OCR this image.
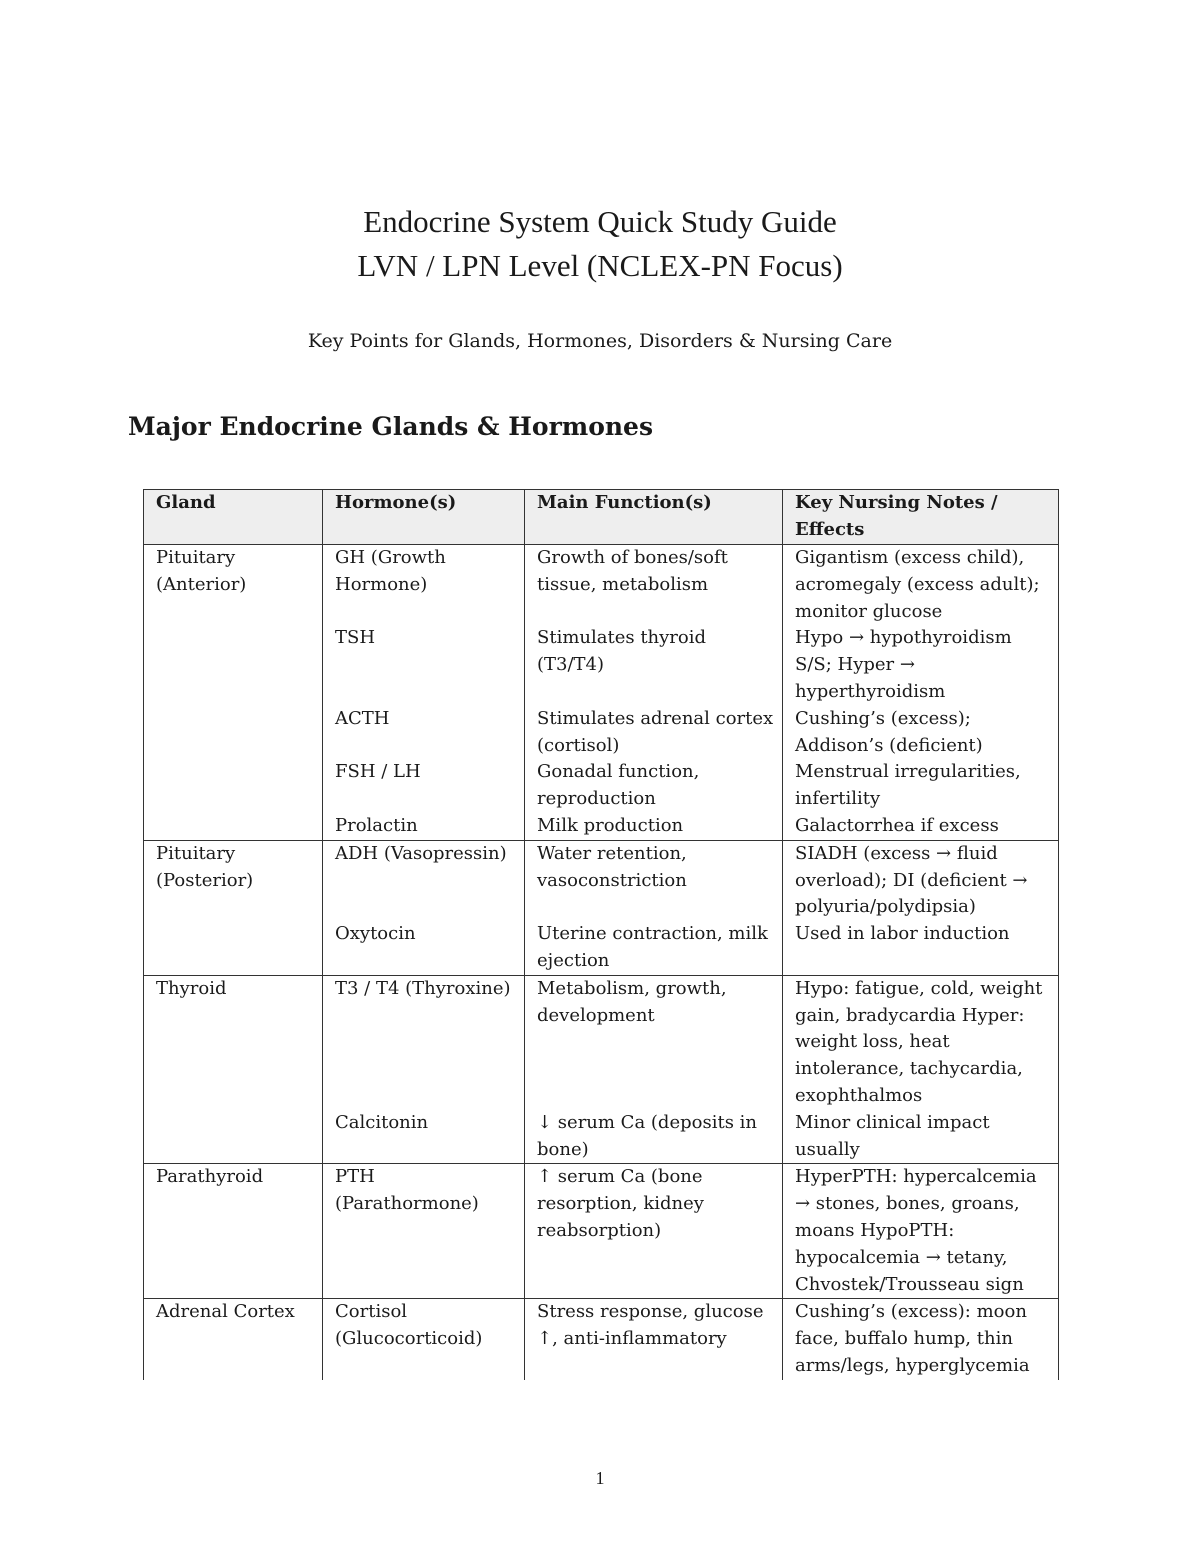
Endocrine System Quick Study Guide
LVN / LPN Level (NCLEX-PN Focus)

Key Points for Glands, Hormones, Disorders & Nursing Care

Major Endocrine Glands & Hormones
Gland	Hormone(s)	Main Function(s)	Key Nursing Notes / Effects
Pituitary (Anterior)	GH (Growth Hormone)	Growth of bones/soft tissue, metabolism	Gigantism (excess child), acromegaly (excess adult); monitor glucose
	TSH	Stimulates thyroid (T3/T4)	Hypo → hypothyroidism S/S; Hyper → hyperthyroidism
	ACTH	Stimulates adrenal cortex (cortisol)	Cushing’s (excess); Addison’s (deficient)
	FSH / LH	Gonadal function, reproduction	Menstrual irregularities, infertility
	Prolactin	Milk production	Galactorrhea if excess
Pituitary (Posterior)	ADH (Vasopressin)	Water retention, vasoconstriction	SIADH (excess → fluid overload); DI (deficient → polyuria/polydipsia)
	Oxytocin	Uterine contraction, milk ejection	Used in labor induction
Thyroid	T3 / T4 (Thyroxine)	Metabolism, growth, development	Hypo: fatigue, cold, weight gain, bradycardia Hyper: weight loss, heat intolerance, tachycardia, exophthalmos
	Calcitonin	↓ serum Ca (deposits in bone)	Minor clinical impact usually
Parathyroid	PTH (Parathormone)	↑ serum Ca (bone resorption, kidney reabsorption)	HyperPTH: hypercalcemia → stones, bones, groans, moans HypoPTH: hypocalcemia → tetany, Chvostek/Trousseau sign
Adrenal Cortex	Cortisol (Glucocorticoid)	Stress response, glucose ↑, anti-inflammatory	Cushing’s (excess): moon face, buffalo hump, thin arms/legs, hyperglycemia
1
